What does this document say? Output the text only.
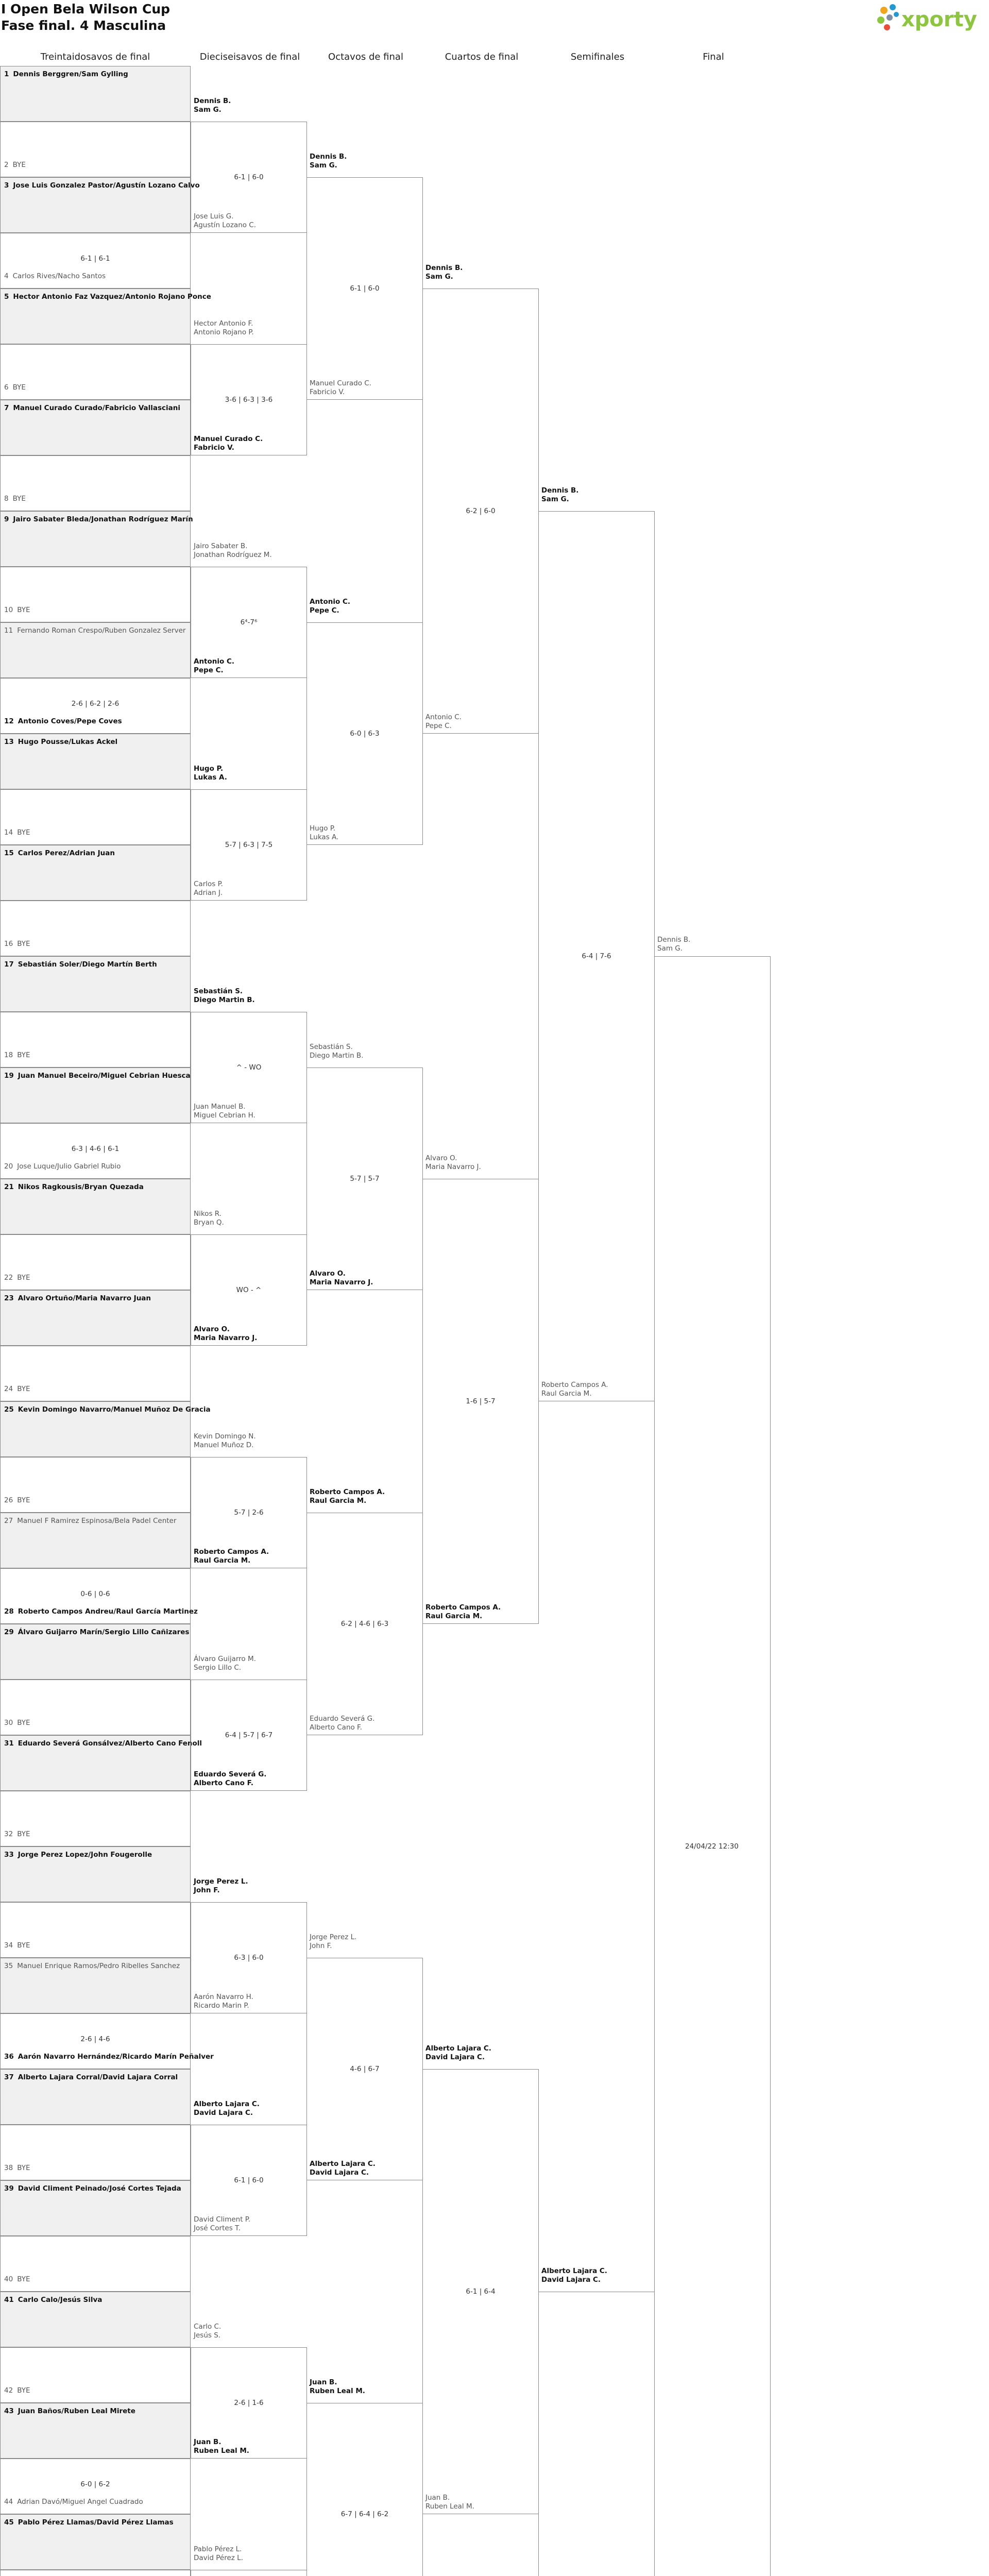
I Open Bela Wilson Cup
Fase final. 4 Masculina	xporty
Treintaidosavos de final	Dieciseisavos de final	Octavos de final	Cuartos de final	Semifinales	Final
1 Dennis Berggren/Sam Gylling
2 BYE
3 Jose Luis Gonzalez Pastor/Agustín Lozano Calvo
4 Carlos Rives/Nacho Santos
6-1 | 6-1
5 Hector Antonio Faz Vazquez/Antonio Rojano Ponce
6 BYE
7 Manuel Curado Curado/Fabricio Vallasciani
8 BYE
9 Jairo Sabater Bleda/Jonathan Rodríguez Marín
10 BYE
11 Fernando Roman Crespo/Ruben Gonzalez Server
12 Antonio Coves/Pepe Coves
2-6 | 6-2 | 2-6
13 Hugo Pousse/Lukas Ackel
14 BYE
15 Carlos Perez/Adrian Juan
16 BYE
17 Sebastián Soler/Diego Martín Berth
18 BYE
19 Juan Manuel Beceiro/Miguel Cebrian Huesca
20 Jose Luque/Julio Gabriel Rubio
6-3 | 4-6 | 6-1
21 Nikos Ragkousis/Bryan Quezada
22 BYE
23 Alvaro Ortuño/Maria Navarro Juan
24 BYE
25 Kevin Domingo Navarro/Manuel Muñoz De Gracia
26 BYE
27 Manuel F Ramirez Espinosa/Bela Padel Center
28 Roberto Campos Andreu/Raul García Martinez
0-6 | 0-6
29 Álvaro Guijarro Marín/Sergio Lillo Cañizares
30 BYE
31 Eduardo Severá Gonsálvez/Alberto Cano Fenoll
32 BYE
33 Jorge Perez Lopez/John Fougerolle
34 BYE
35 Manuel Enrique Ramos/Pedro Ribelles Sanchez
36 Aarón Navarro Hernández/Ricardo Marín Peñalver
2-6 | 4-6
37 Alberto Lajara Corral/David Lajara Corral
38 BYE
39 David Climent Peinado/José Cortes Tejada
40 BYE
41 Carlo Calo/Jesús Silva
42 BYE
43 Juan Baños/Ruben Leal Mirete
44 Adrian Davó/Miguel Angel Cuadrado
6-0 | 6-2
45 Pablo Pérez Llamas/David Pérez Llamas
Dennis B.
Sam G.
Jose Luis G.
Agustín Lozano C.
6-1 | 6-0
Hector Antonio F.
Antonio Rojano P.
Manuel Curado C.
Fabricio V.
3-6 | 6-3 | 3-6
Jairo Sabater B.
Jonathan Rodríguez M.
Antonio C.
Pepe C.
6⁴-7⁶
Hugo P.
Lukas A.
Carlos P.
Adrian J.
5-7 | 6-3 | 7-5
Sebastián S.
Diego Martin B.
Juan Manuel B.
Miguel Cebrian H.
^ - WO
Nikos R.
Bryan Q.
Alvaro O.
Maria Navarro J.
WO - ^
Kevin Domingo N.
Manuel Muñoz D.
Roberto Campos A.
Raul Garcia M.
5-7 | 2-6
Álvaro Guijarro M.
Sergio Lillo C.
Eduardo Severá G.
Alberto Cano F.
6-4 | 5-7 | 6-7
Jorge Perez L.
John F.
Aarón Navarro H.
Ricardo Marin P.
6-3 | 6-0
Alberto Lajara C.
David Lajara C.
David Climent P.
José Cortes T.
6-1 | 6-0
Carlo C.
Jesús S.
Juan B.
Ruben Leal M.
2-6 | 1-6
Pablo Pérez L.
David Pérez L.
Dennis B.
Sam G.
Manuel Curado C.
Fabricio V.
6-1 | 6-0
Antonio C.
Pepe C.
Hugo P.
Lukas A.
6-0 | 6-3
Sebastián S.
Diego Martin B.
Alvaro O.
Maria Navarro J.
5-7 | 5-7
Roberto Campos A.
Raul Garcia M.
Eduardo Severá G.
Alberto Cano F.
6-2 | 4-6 | 6-3
Jorge Perez L.
John F.
Alberto Lajara C.
David Lajara C.
4-6 | 6-7
Juan B.
Ruben Leal M.
6-7 | 6-4 | 6-2
Dennis B.
Sam G.
Antonio C.
Pepe C.
6-2 | 6-0
Alvaro O.
Maria Navarro J.
Roberto Campos A.
Raul Garcia M.
1-6 | 5-7
Alberto Lajara C.
David Lajara C.
Juan B.
Ruben Leal M.
6-1 | 6-4
Dennis B.
Sam G.
Roberto Campos A.
Raul Garcia M.
6-4 | 7-6
Alberto Lajara C.
David Lajara C.
Dennis B.
Sam G.
24/04/22 12:30
